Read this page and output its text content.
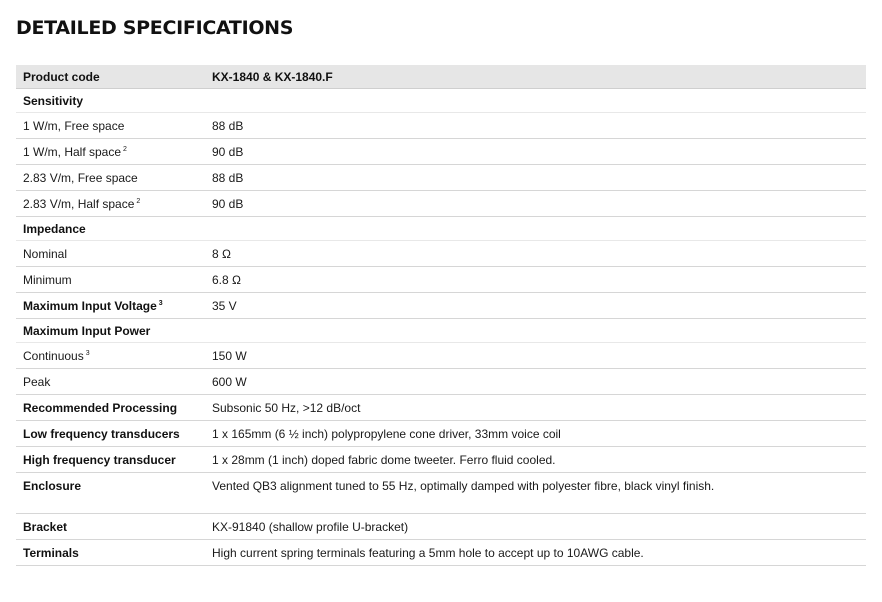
DETAILED SPECIFICATIONS
Product code	KX-1840 & KX-1840.F
Sensitivity
1 W/m, Free space	88 dB
1 W/m, Half space $^2$	90 dB
2.83 V/m, Free space	88 dB
2.83 V/m, Half space $^2$	90 dB
Impedance
Nominal	8 Ω
Minimum	6.8 Ω
Maximum Input Voltage $^3$	35 V
Maximum Input Power
Continuous $^3$	150 W
Peak	600 W
Recommended Processing	Subsonic 50 Hz, >12 dB/oct
Low frequency transducers	1 x 165mm (6 ½ inch) polypropylene cone driver, 33mm voice coil
High frequency transducer	1 x 28mm (1 inch) doped fabric dome tweeter. Ferro fluid cooled.
Enclosure	Vented QB3 alignment tuned to 55 Hz, optimally damped with polyester fibre, black vinyl finish.
Bracket	KX-91840 (shallow profile U-bracket)
Terminals	High current spring terminals featuring a 5mm hole to accept up to 10AWG cable.
